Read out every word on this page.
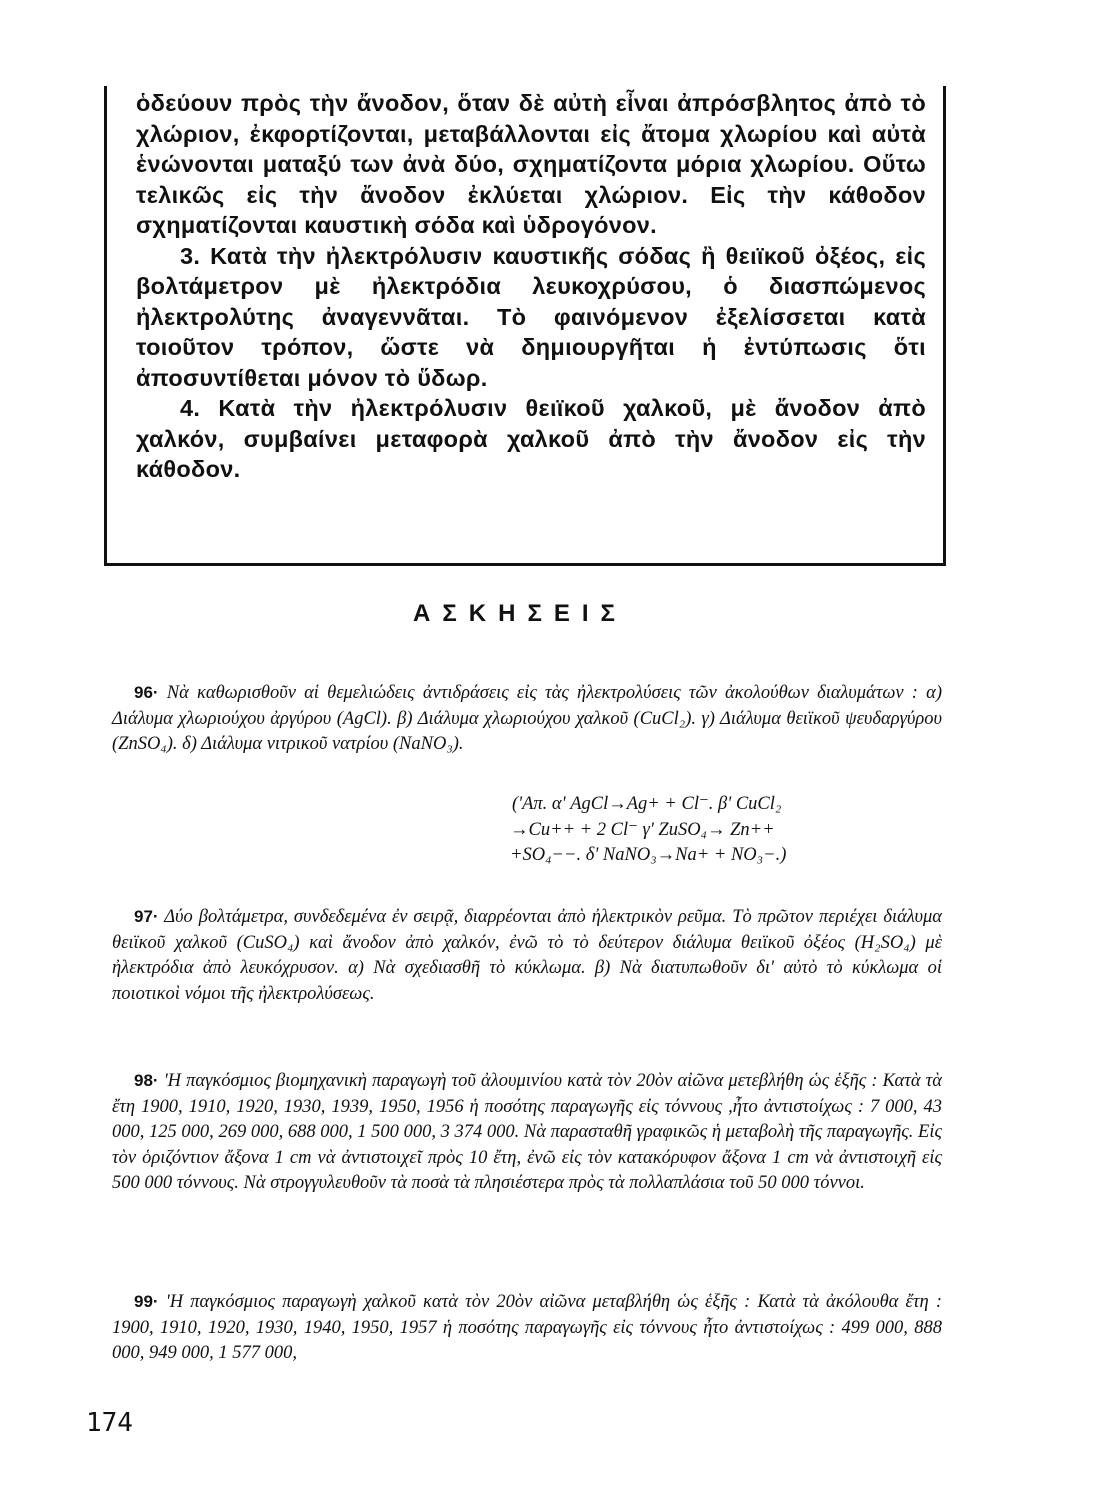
ὁδεύουν πρὸς τὴν ἄνοδον, ὅταν δὲ αὐτὴ εἶναι ἀπρόσβλητος ἀπὸ τὸ χλώριον, ἐκφορτίζονται, μεταβάλλονται εἰς ἄτομα χλωρίου καὶ αὐτὰ ἑνώνονται ματαξύ των ἀνὰ δύο, σχηματίζοντα μόρια χλωρίου. Οὕτω τελικῶς εἰς τὴν ἄνοδον ἐκλύεται χλώριον. Εἰς τὴν κάθοδον σχηματίζονται καυστικὴ σόδα καὶ ὑδρογόνον.

3. Κατὰ τὴν ἠλεκτρόλυσιν καυστικῆς σόδας ἢ θειϊκοῦ ὀξέος, εἰς βολτάμετρον μὲ ἠλεκτρόδια λευκοχρύσου, ὁ διασπώμενος ἠλεκτρολύτης ἀναγεννᾶται. Τὸ φαινόμενον ἐξελίσσεται κατὰ τοιοῦτον τρόπον, ὥστε νὰ δημιουργῆται ἡ ἐντύπωσις ὅτι ἀποσυντίθεται μόνον τὸ ὕδωρ.

4. Κατὰ τὴν ἠλεκτρόλυσιν θειϊκοῦ χαλκοῦ, μὲ ἄνοδον ἀπὸ χαλκόν, συμβαίνει μεταφορὰ χαλκοῦ ἀπὸ τὴν ἄνοδον εἰς τὴν κάθοδον.

ΑΣΚΗΣΕΙΣ
96· Νὰ καθωρισθοῦν αἱ θεμελιώδεις ἀντιδράσεις εἰς τὰς ἠλεκτρολύσεις τῶν ἀκολούθων διαλυμάτων : α) Διάλυμα χλωριούχου ἀργύρου (AgCl). β) Διάλυμα χλωριούχου χαλκοῦ (CuCl₂). γ) Διάλυμα θειϊκοῦ ψευδαργύρου (ZnSO₄). δ) Διάλυμα νιτρικοῦ νατρίου (NaNO₃).
('Απ. α' AgCl→Ag+ + Cl⁻. β' CuCl₂
→Cu++ + 2 Cl⁻ γ' ZuSO₄→ Zn++
+SO₄−−. δ' NaNO₃→Na+ + NO₃−.)
97· Δύο βολτάμετρα, συνδεδεμένα ἐν σειρᾷ, διαρρέονται ἀπὸ ἠλεκτρικὸν ρεῦμα. Τὸ πρῶτον περιέχει διάλυμα θειϊκοῦ χαλκοῦ (CuSO₄) καὶ ἄνοδον ἀπὸ χαλκόν, ἐνῶ τὸ τὸ δεύτερον διάλυμα θειϊκοῦ ὀξέος (H₂SO₄) μὲ ἠλεκτρόδια ἀπὸ λευκόχρυσον. α) Νὰ σχεδιασθῆ τὸ κύκλωμα. β) Νὰ διατυπωθοῦν δι' αὐτὸ τὸ κύκλωμα οἱ ποιοτικοὶ νόμοι τῆς ἠλεκτρολύσεως.
98· 'Η παγκόσμιος βιομηχανικὴ παραγωγὴ τοῦ ἀλουμινίου κατὰ τὸν 20ὸν αἰῶνα μετεβλήθη ὡς ἑξῆς : Κατὰ τὰ ἔτη 1900, 1910, 1920, 1930, 1939, 1950, 1956 ἡ ποσότης παραγωγῆς εἰς τόννους ,ἦτο ἀντιστοίχως : 7 000, 43 000, 125 000, 269 000, 688 000, 1 500 000, 3 374 000. Νὰ παρασταθῆ γραφικῶς ἡ μεταβολὴ τῆς παραγωγῆς. Εἰς τὸν ὁριζόντιον ἄξονα 1 cm νὰ ἀντιστοιχεῖ πρὸς 10 ἔτη, ἐνῶ εἰς τὸν κατακόρυφον ἄξονα 1 cm νὰ ἀντιστοιχῆ εἰς 500 000 τόννους. Νὰ στρογγυλευθοῦν τὰ ποσὰ τὰ πλησιέστερα πρὸς τὰ πολλαπλάσια τοῦ 50 000 τόννοι.
99· 'Η παγκόσμιος παραγωγὴ χαλκοῦ κατὰ τὸν 20ὸν αἰῶνα μεταβλήθη ὡς ἑξῆς : Κατὰ τὰ ἀκόλουθα ἔτη : 1900, 1910, 1920, 1930, 1940, 1950, 1957 ἡ ποσότης παραγωγῆς εἰς τόννους ἦτο ἀντιστοίχως : 499 000, 888 000, 949 000, 1 577 000,
174
